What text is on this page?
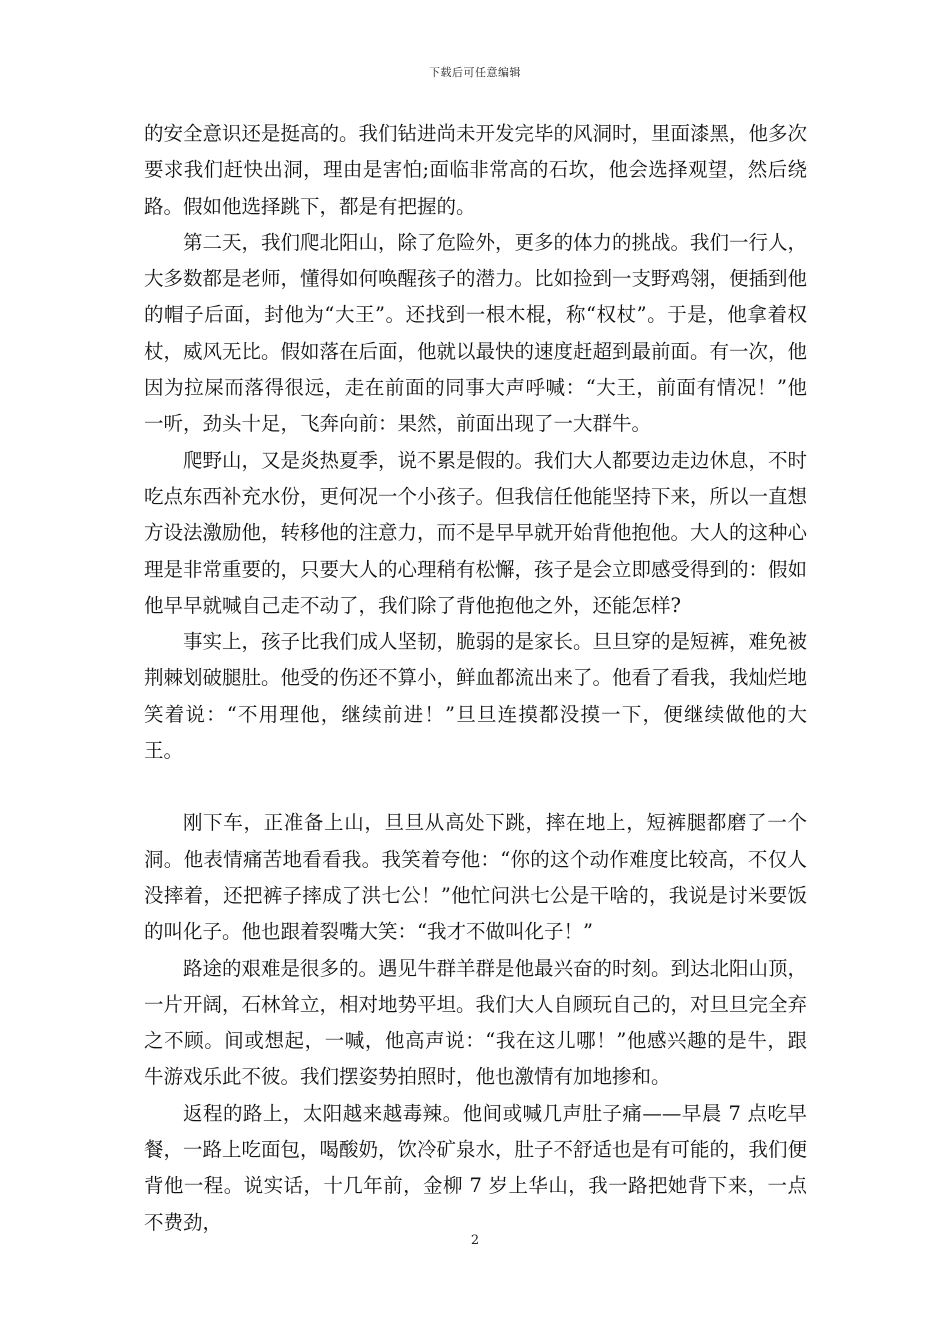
下载后可任意编辑

的安全意识还是挺高的。我们钻进尚未开发完毕的风洞时，里面漆黑，他多次要求我们赶快出洞，理由是害怕;面临非常高的石坎，他会选择观望，然后绕路。假如他选择跳下，都是有把握的。

第二天，我们爬北阳山，除了危险外，更多的体力的挑战。我们一行人，大多数都是老师，懂得如何唤醒孩子的潜力。比如捡到一支野鸡翎，便插到他的帽子后面，封他为“大王”。还找到一根木棍，称“权杖”。于是，他拿着权杖，威风无比。假如落在后面，他就以最快的速度赶超到最前面。有一次，他因为拉屎而落得很远，走在前面的同事大声呼喊：“大王，前面有情况！”他一听，劲头十足，飞奔向前：果然，前面出现了一大群牛。

爬野山，又是炎热夏季，说不累是假的。我们大人都要边走边休息，不时吃点东西补充水份，更何况一个小孩子。但我信任他能坚持下来，所以一直想方设法激励他，转移他的注意力，而不是早早就开始背他抱他。大人的这种心理是非常重要的，只要大人的心理稍有松懈，孩子是会立即感受得到的：假如他早早就喊自己走不动了，我们除了背他抱他之外，还能怎样?

事实上，孩子比我们成人坚韧，脆弱的是家长。旦旦穿的是短裤，难免被荆棘划破腿肚。他受的伤还不算小，鲜血都流出来了。他看了看我，我灿烂地笑着说：“不用理他，继续前进！”旦旦连摸都没摸一下，便继续做他的大王。

刚下车，正准备上山，旦旦从高处下跳，摔在地上，短裤腿都磨了一个洞。他表情痛苦地看看我。我笑着夸他：“你的这个动作难度比较高，不仅人没摔着，还把裤子摔成了洪七公！”他忙问洪七公是干啥的，我说是讨米要饭的叫化子。他也跟着裂嘴大笑：“我才不做叫化子！”

路途的艰难是很多的。遇见牛群羊群是他最兴奋的时刻。到达北阳山顶，一片开阔，石林耸立，相对地势平坦。我们大人自顾玩自己的，对旦旦完全弃之不顾。间或想起，一喊，他高声说：“我在这儿哪！”他感兴趣的是牛，跟牛游戏乐此不彼。我们摆姿势拍照时，他也激情有加地掺和。

返程的路上，太阳越来越毒辣。他间或喊几声肚子痛——早晨 7 点吃早餐，一路上吃面包，喝酸奶，饮冷矿泉水，肚子不舒适也是有可能的，我们便背他一程。说实话，十几年前，金柳 7 岁上华山，我一路把她背下来，一点不费劲，

2
